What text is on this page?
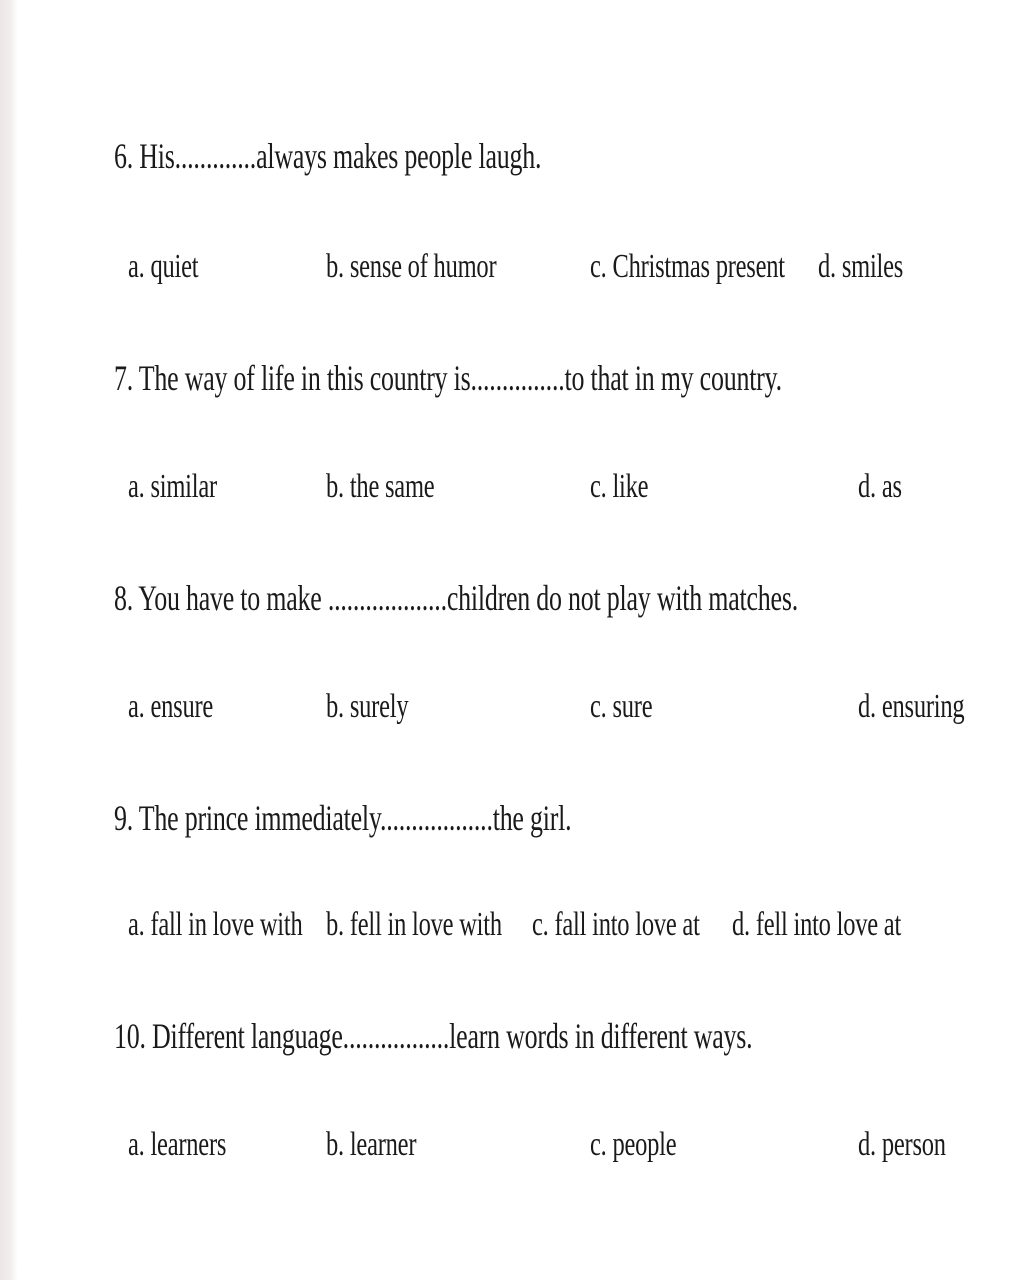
6. His.............always makes people laugh.
a. quiet	b. sense of humor	c. Christmas present d. smiles
7. The way of life in this country is...............to that in my country.
a. similar	b. the same	c. like	d. as
8. You have to make ...................children do not play with matches.
a. ensure	b. surely	c. sure	d. ensuring
9. The prince immediately..................the girl.
a. fall in love with b. fell in love with c. fall into love at d. fell into love at
10. Different language.................learn words in different ways.
a. learners	b. learner	c. people	d. person
